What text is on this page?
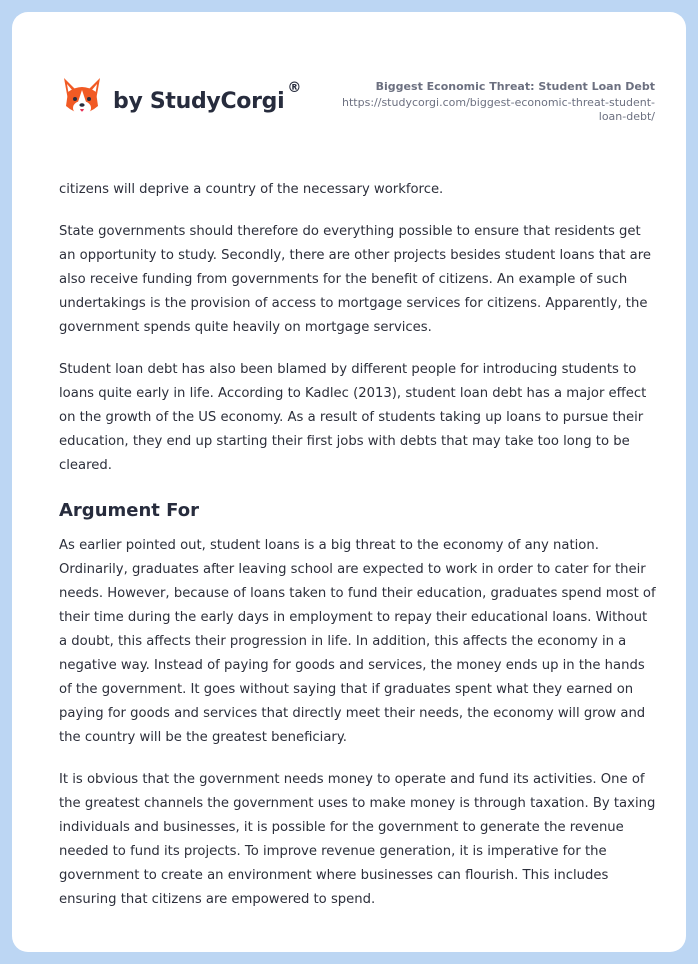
by StudyCorgi
®	Biggest Economic Threat: Student Loan Debt
https://studycorgi.com/biggest-economic-threat-student-loan-debt/

citizens will deprive a country of the necessary workforce.

State governments should therefore do everything possible to ensure that residents get an opportunity to study. Secondly, there are other projects besides student loans that are also receive funding from governments for the benefit of citizens. An example of such undertakings is the provision of access to mortgage services for citizens. Apparently, the government spends quite heavily on mortgage services.

Student loan debt has also been blamed by different people for introducing students to loans quite early in life. According to Kadlec (2013), student loan debt has a major effect on the growth of the US economy. As a result of students taking up loans to pursue their education, they end up starting their first jobs with debts that may take too long to be cleared.

Argument For

As earlier pointed out, student loans is a big threat to the economy of any nation. Ordinarily, graduates after leaving school are expected to work in order to cater for their needs. However, because of loans taken to fund their education, graduates spend most of their time during the early days in employment to repay their educational loans. Without a doubt, this affects their progression in life. In addition, this affects the economy in a negative way. Instead of paying for goods and services, the money ends up in the hands of the government. It goes without saying that if graduates spent what they earned on paying for goods and services that directly meet their needs, the economy will grow and the country will be the greatest beneficiary.

It is obvious that the government needs money to operate and fund its activities. One of the greatest channels the government uses to make money is through taxation. By taxing individuals and businesses, it is possible for the government to generate the revenue needed to fund its projects. To improve revenue generation, it is imperative for the government to create an environment where businesses can flourish. This includes ensuring that citizens are empowered to spend.
